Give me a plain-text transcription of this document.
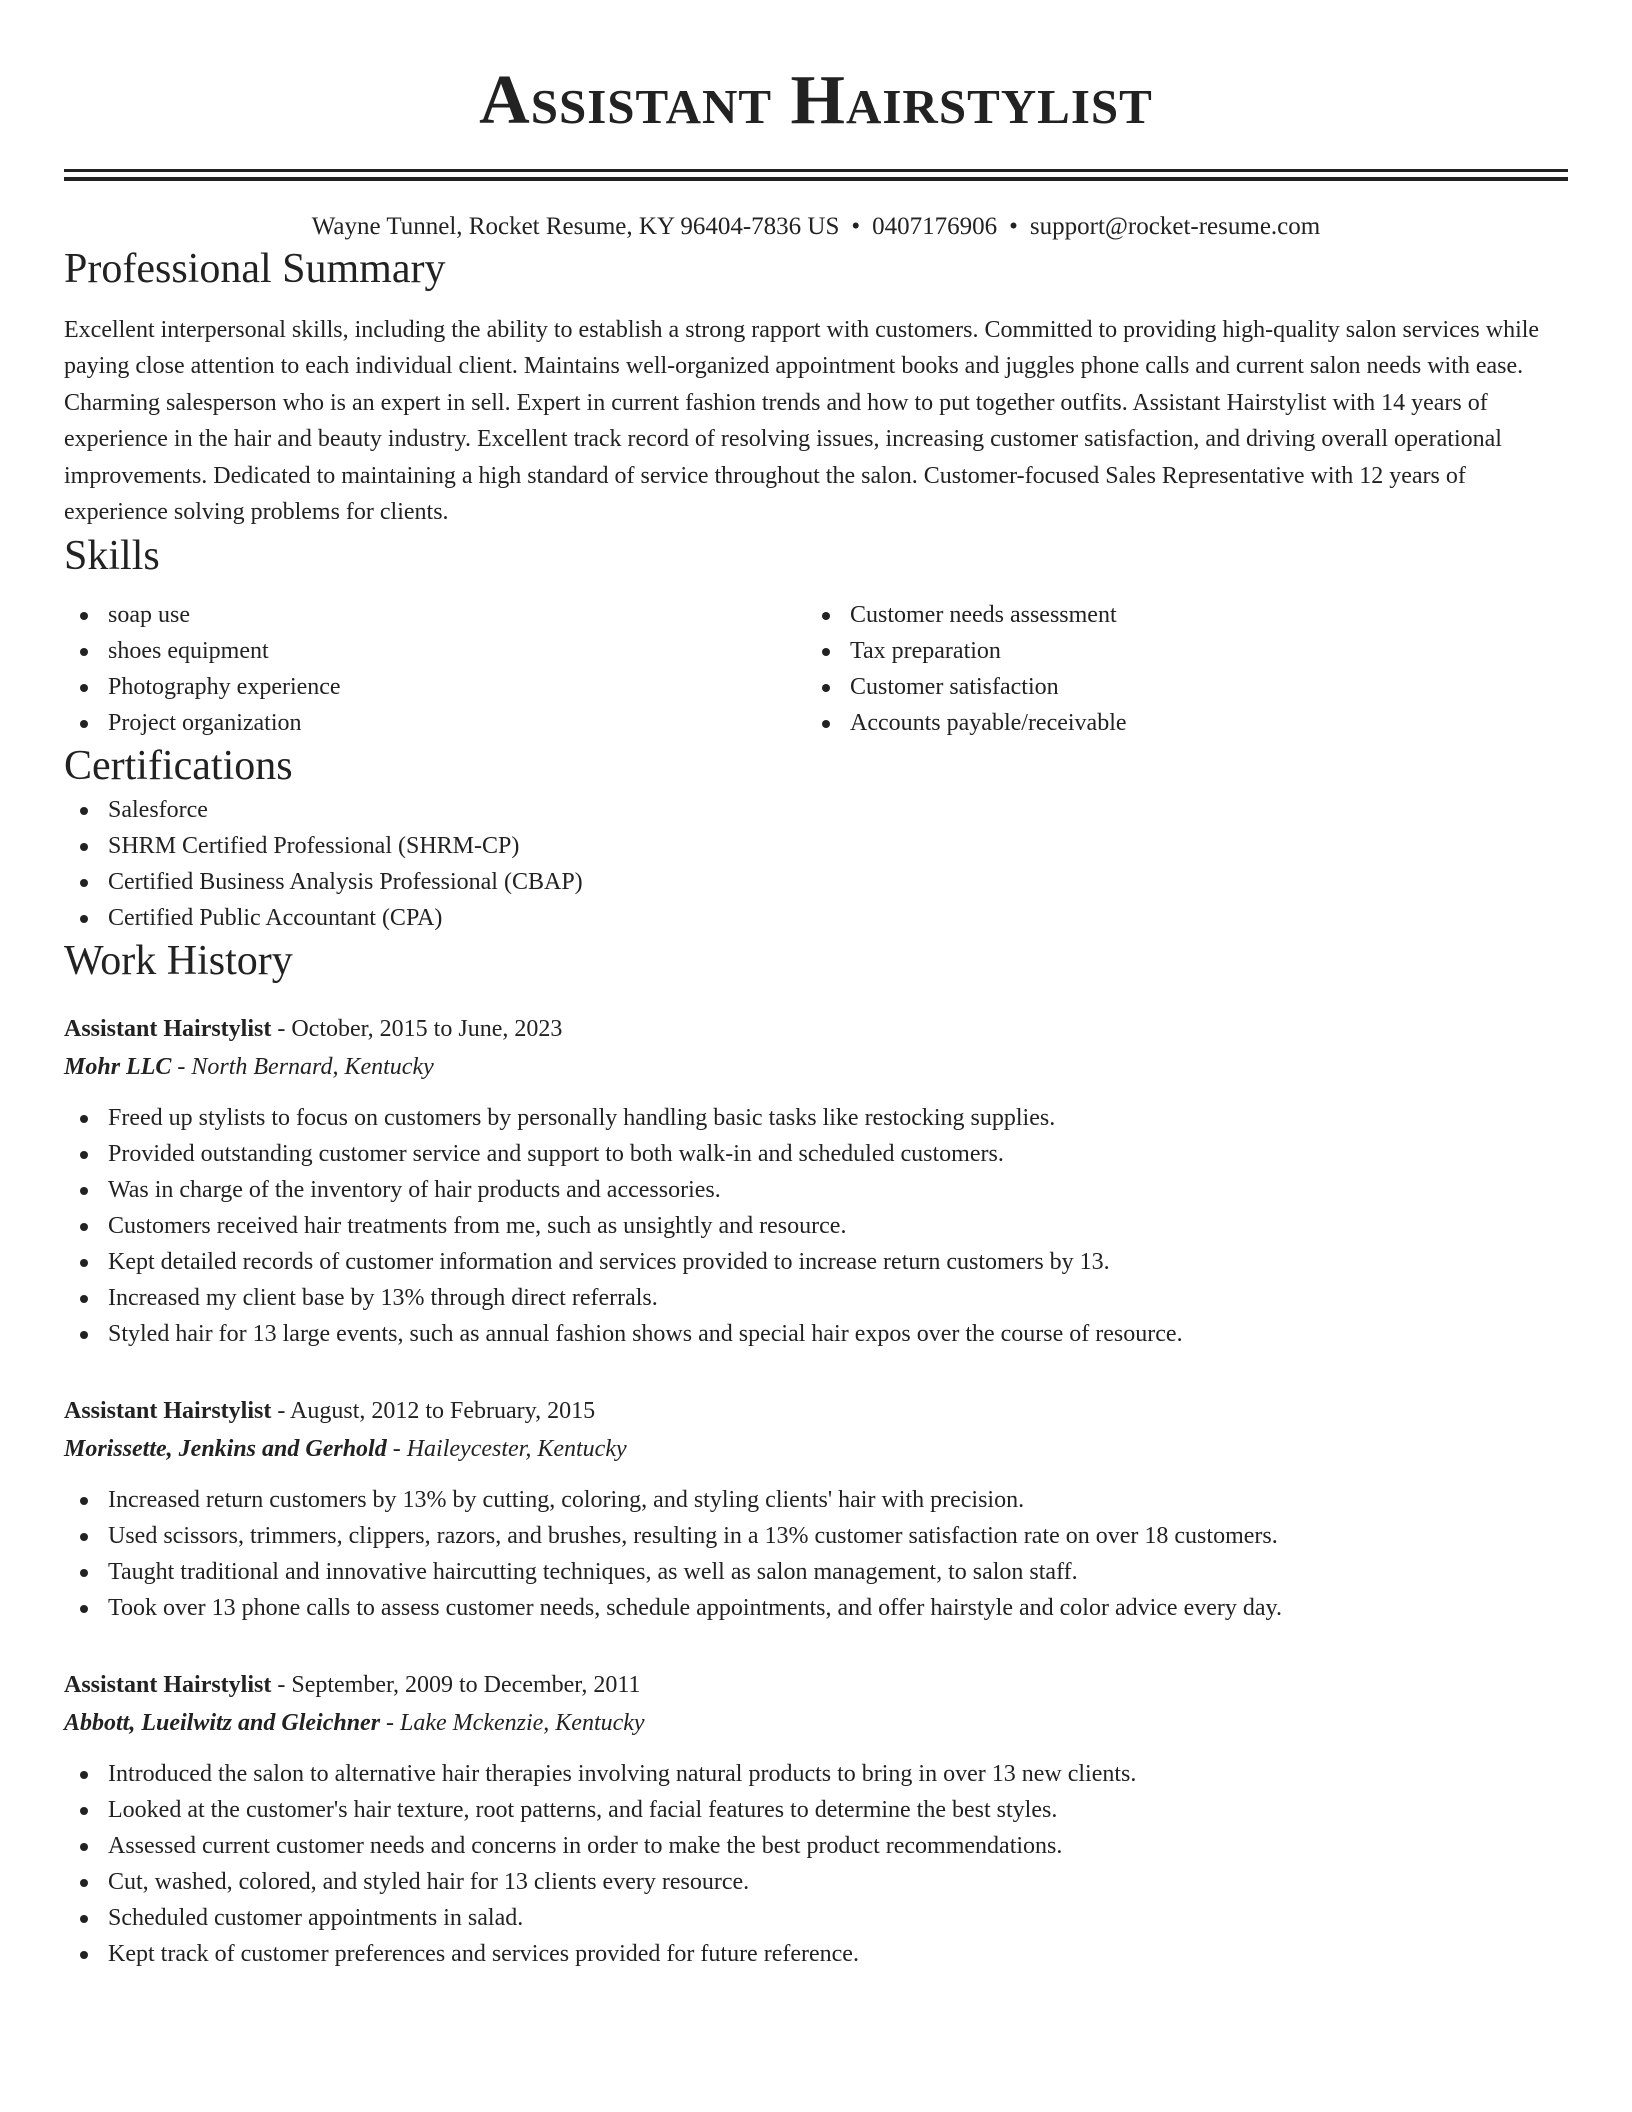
Assistant Hairstylist
Wayne Tunnel, Rocket Resume, KY 96404-7836 US • 0407176906 • support@rocket-resume.com
Professional Summary
Excellent interpersonal skills, including the ability to establish a strong rapport with customers. Committed to providing high-quality salon services while paying close attention to each individual client. Maintains well-organized appointment books and juggles phone calls and current salon needs with ease. Charming salesperson who is an expert in sell. Expert in current fashion trends and how to put together outfits. Assistant Hairstylist with 14 years of experience in the hair and beauty industry. Excellent track record of resolving issues, increasing customer satisfaction, and driving overall operational improvements. Dedicated to maintaining a high standard of service throughout the salon. Customer-focused Sales Representative with 12 years of experience solving problems for clients.
Skills
soap use
shoes equipment
Photography experience
Project organization
Customer needs assessment
Tax preparation
Customer satisfaction
Accounts payable/receivable
Certifications
Salesforce
SHRM Certified Professional (SHRM-CP)
Certified Business Analysis Professional (CBAP)
Certified Public Accountant (CPA)
Work History
Assistant Hairstylist - October, 2015 to June, 2023
Mohr LLC - North Bernard, Kentucky
Freed up stylists to focus on customers by personally handling basic tasks like restocking supplies.
Provided outstanding customer service and support to both walk-in and scheduled customers.
Was in charge of the inventory of hair products and accessories.
Customers received hair treatments from me, such as unsightly and resource.
Kept detailed records of customer information and services provided to increase return customers by 13.
Increased my client base by 13% through direct referrals.
Styled hair for 13 large events, such as annual fashion shows and special hair expos over the course of resource.
Assistant Hairstylist - August, 2012 to February, 2015
Morissette, Jenkins and Gerhold - Haileycester, Kentucky
Increased return customers by 13% by cutting, coloring, and styling clients' hair with precision.
Used scissors, trimmers, clippers, razors, and brushes, resulting in a 13% customer satisfaction rate on over 18 customers.
Taught traditional and innovative haircutting techniques, as well as salon management, to salon staff.
Took over 13 phone calls to assess customer needs, schedule appointments, and offer hairstyle and color advice every day.
Assistant Hairstylist - September, 2009 to December, 2011
Abbott, Lueilwitz and Gleichner - Lake Mckenzie, Kentucky
Introduced the salon to alternative hair therapies involving natural products to bring in over 13 new clients.
Looked at the customer's hair texture, root patterns, and facial features to determine the best styles.
Assessed current customer needs and concerns in order to make the best product recommendations.
Cut, washed, colored, and styled hair for 13 clients every resource.
Scheduled customer appointments in salad.
Kept track of customer preferences and services provided for future reference.
